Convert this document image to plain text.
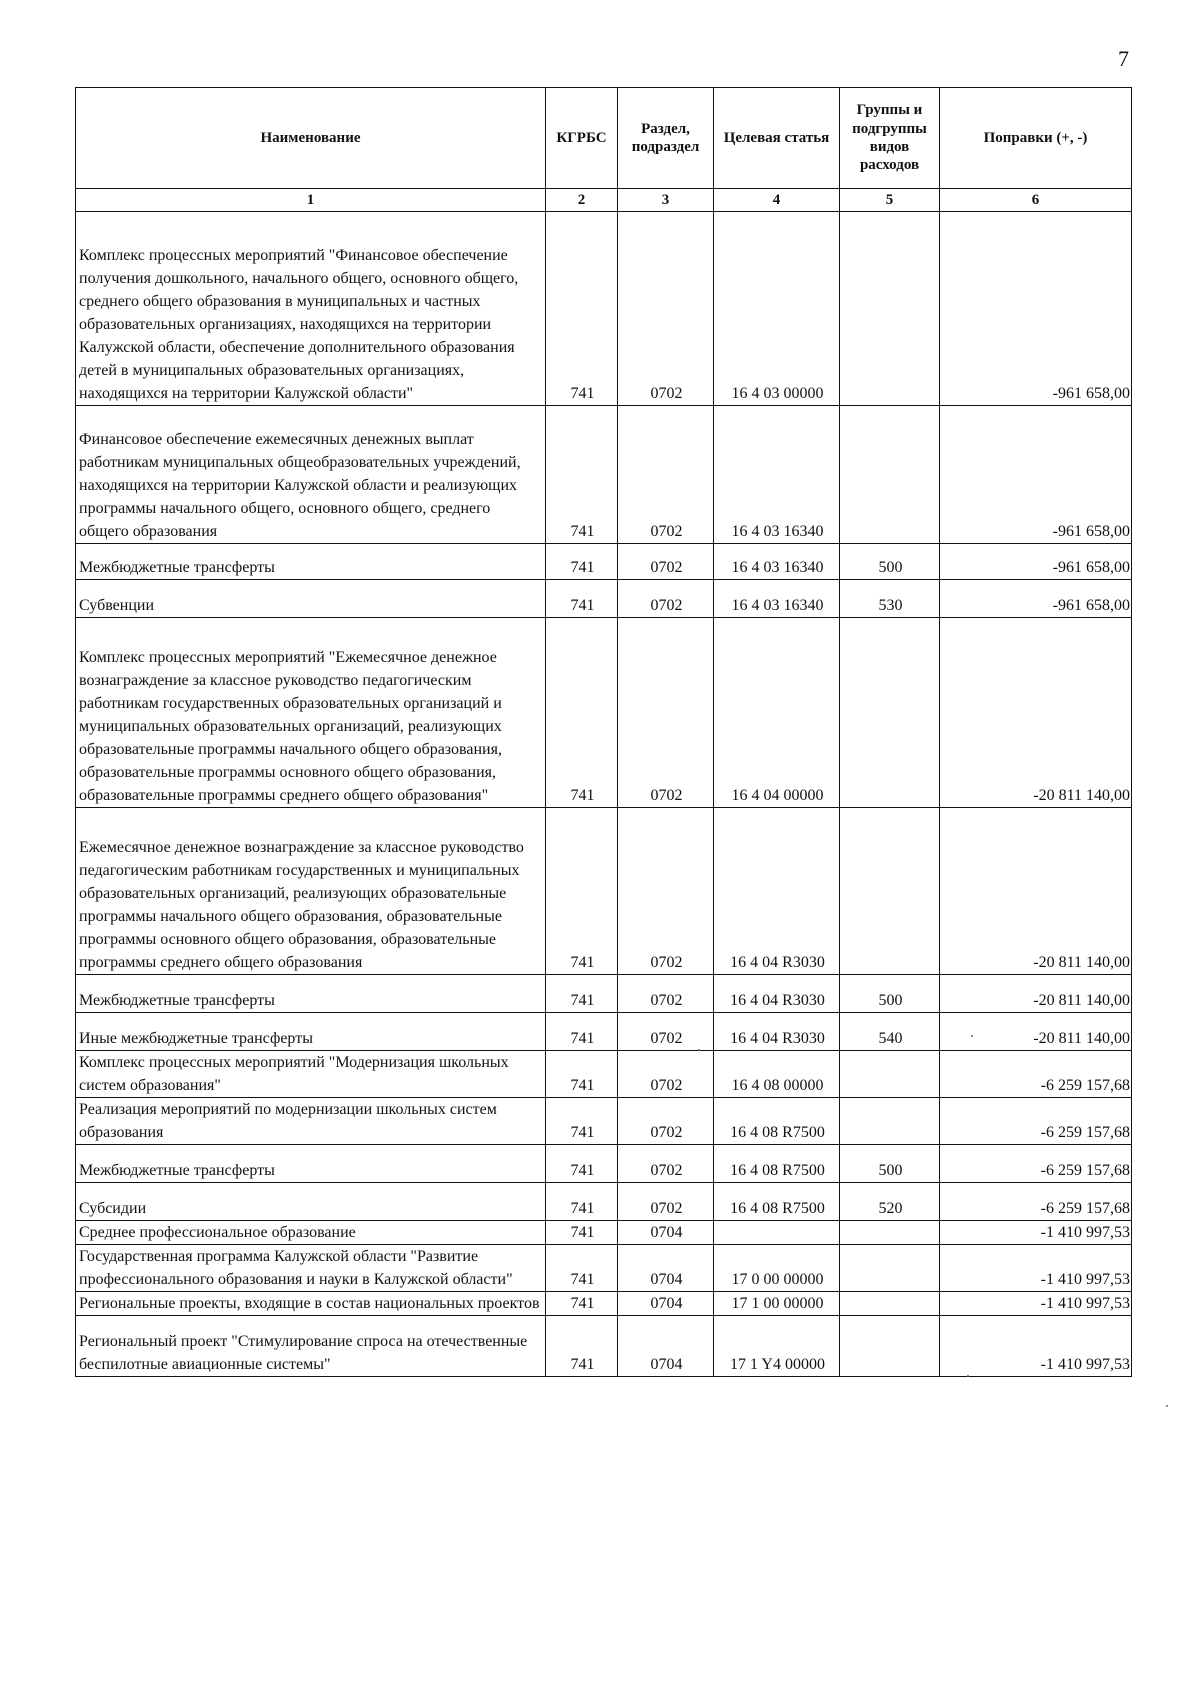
7
Наименование	КГРБС	Раздел, подраздел	Целевая статья	Группы и подгруппы видов расходов	Поправки (+, -)
1	2	3	4	5	6
Комплекс процессных мероприятий "Финансовое обеспечение получения дошкольного, начального общего, основного общего, среднего общего образования в муниципальных и частных образовательных организациях, находящихся на территории Калужской области, обеспечение дополнительного образования детей в муниципальных образовательных организациях, находящихся на территории Калужской области"	741	0702	16 4 03 00000		-961 658,00
Финансовое обеспечение ежемесячных денежных выплат работникам муниципальных общеобразовательных учреждений, находящихся на территории Калужской области и реализующих программы начального общего, основного общего, среднего общего образования	741	0702	16 4 03 16340		-961 658,00
Межбюджетные трансферты	741	0702	16 4 03 16340	500	-961 658,00
Субвенции	741	0702	16 4 03 16340	530	-961 658,00
Комплекс процессных мероприятий "Ежемесячное денежное вознаграждение за классное руководство педагогическим работникам государственных образовательных организаций и муниципальных образовательных организаций, реализующих образовательные программы начального общего образования, образовательные программы основного общего образования, образовательные программы среднего общего образования"	741	0702	16 4 04 00000		-20 811 140,00
Ежемесячное денежное вознаграждение за классное руководство педагогическим работникам государственных и муниципальных образовательных организаций, реализующих образовательные программы начального общего образования, образовательные программы основного общего образования, образовательные программы среднего общего образования	741	0702	16 4 04 R3030		-20 811 140,00
Межбюджетные трансферты	741	0702	16 4 04 R3030	500	-20 811 140,00
Иные межбюджетные трансферты	741	0702	16 4 04 R3030	540	-20 811 140,00
Комплекс процессных мероприятий "Модернизация школьных систем образования"	741	0702	16 4 08 00000		-6 259 157,68
Реализация мероприятий по модернизации школьных систем образования	741	0702	16 4 08 R7500		-6 259 157,68
Межбюджетные трансферты	741	0702	16 4 08 R7500	500	-6 259 157,68
Субсидии	741	0702	16 4 08 R7500	520	-6 259 157,68
Среднее профессиональное образование	741	0704			-1 410 997,53
Государственная программа Калужской области "Развитие профессионального образования и науки в Калужской области"	741	0704	17 0 00 00000		-1 410 997,53
Региональные проекты, входящие в состав национальных проектов	741	0704	17 1 00 00000		-1 410 997,53
Региональный проект "Стимулирование спроса на отечественные беспилотные авиационные системы"	741	0704	17 1 Y4 00000		-1 410 997,53
